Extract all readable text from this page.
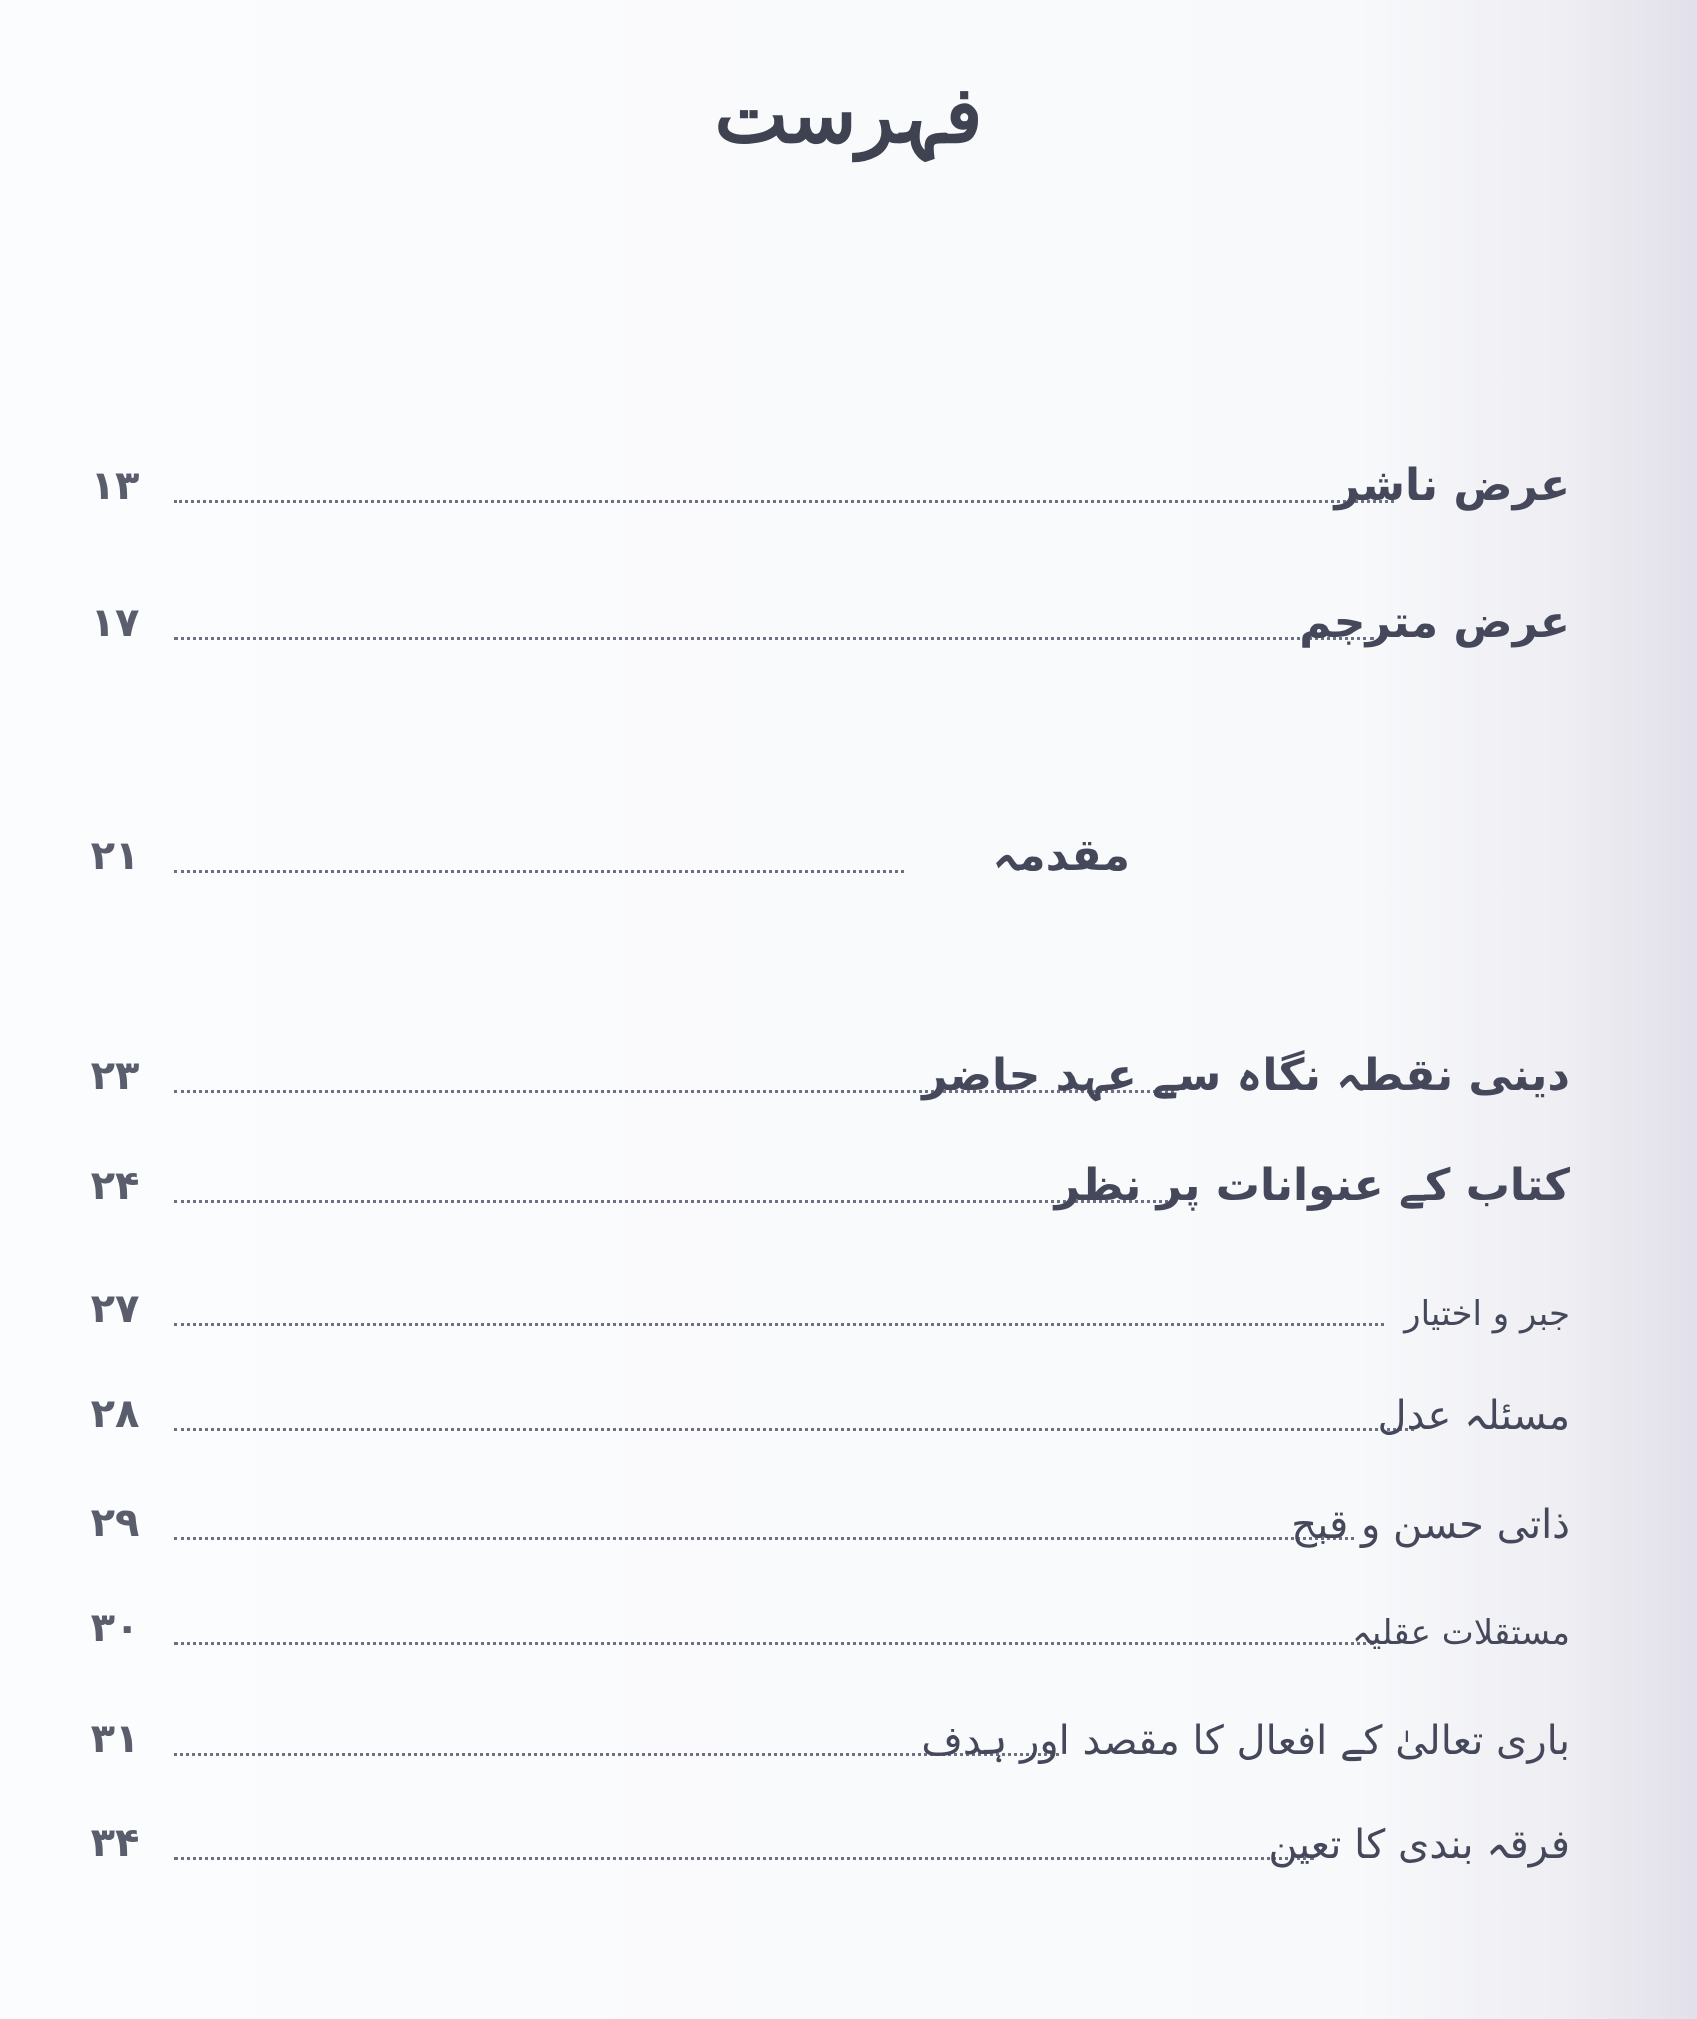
فہرست
۱۳	عرض ناشر
۱۷	عرض مترجم
۲۱	مقدمہ
۲۳	دینی نقطہ نگاہ سے عہد حاضر
۲۴	کتاب کے عنوانات پر نظر
۲۷	جبر و اختیار
۲۸	مسئلہ عدل
۲۹	ذاتی حسن و قبح
۳۰	مستقلات عقلیہ
۳۱	باری تعالیٰ کے افعال کا مقصد اور ہدف
۳۴	فرقہ بندی کا تعین
